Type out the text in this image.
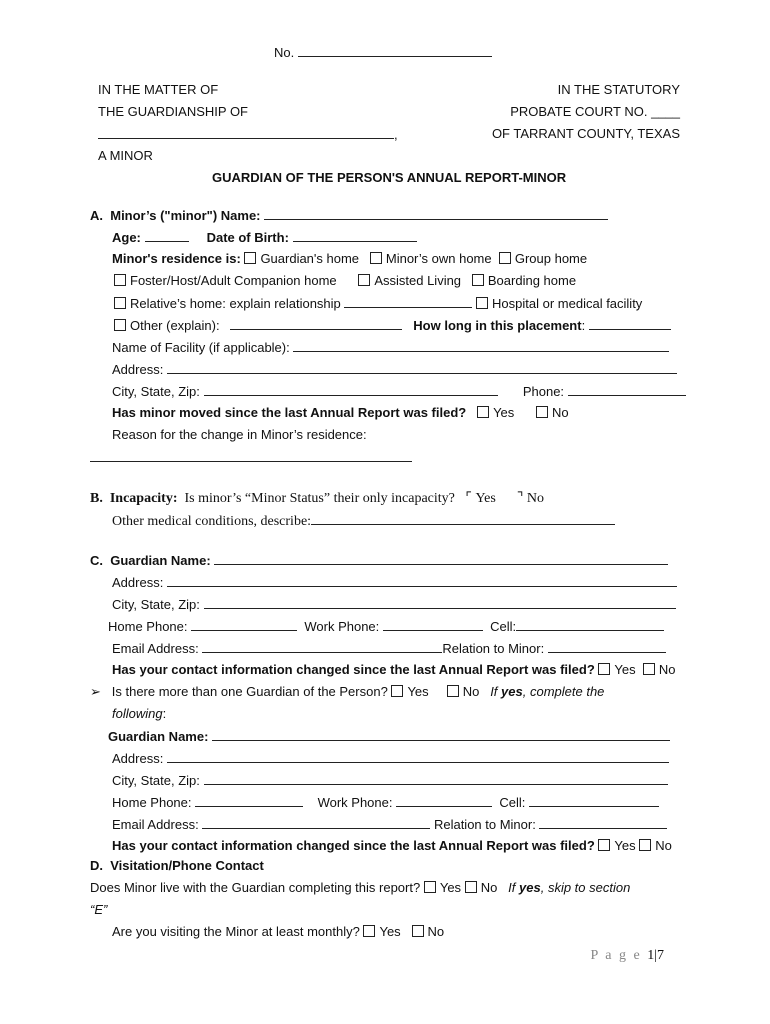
No.
IN THE MATTER OF
THE GUARDIANSHIP OF
,
A MINOR
IN THE STATUTORY
PROBATE COURT NO. ____
OF TARRANT COUNTY, TEXAS
GUARDIAN OF THE PERSON'S ANNUAL REPORT-MINOR
A. Minor’s ("minor") Name:
Age:	Date of Birth:
Minor's residence is: Guardian's home Minor’s own home Group home
Foster/Host/Adult Companion home	Assisted Living Boarding home
Relative’s home: explain relationship	Hospital or medical facility
Other (explain):	How long in this placement:
Name of Facility (if applicable):
Address:
City, State, Zip:	Phone:
Has minor moved since the last Annual Report was filed? Yes	No
Reason for the change in Minor’s residence:
B. Incapacity: Is minor’s “Minor Status” their only incapacity? ⌜ Yes ⌝ No
Other medical conditions, describe:
C. Guardian Name:
Address:
City, State, Zip:
Home Phone:	Work Phone:	Cell:
Email Address:	Relation to Minor:
Has your contact information changed since the last Annual Report was filed? Yes No
➢ Is there more than one Guardian of the Person? Yes	No If yes, complete the
following:
Guardian Name:
Address:
City, State, Zip:
Home Phone:	Work Phone:	Cell:
Email Address:	Relation to Minor:
Has your contact information changed since the last Annual Report was filed? Yes No
D. Visitation/Phone Contact
Does Minor live with the Guardian completing this report? Yes No If yes, skip to section
“E”
Are you visiting the Minor at least monthly? Yes No
P a g e 1|7
